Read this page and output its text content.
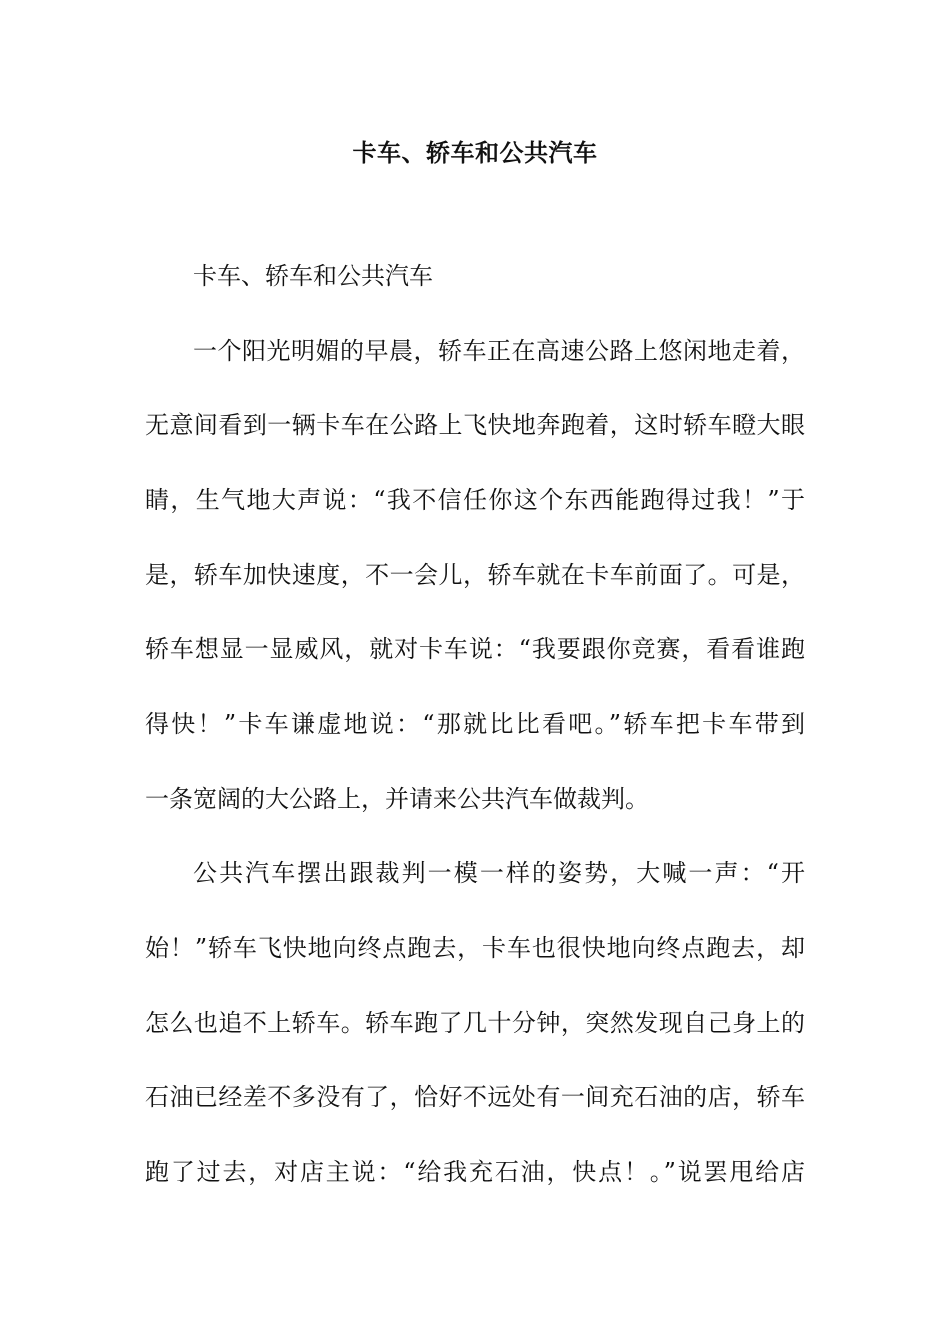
卡车、轿车和公共汽车
卡车、轿车和公共汽车
一个阳光明媚的早晨，轿车正在高速公路上悠闲地走着，
无意间看到一辆卡车在公路上飞快地奔跑着，这时轿车瞪大眼
睛，生气地大声说：“我不信任你这个东西能跑得过我！”于
是，轿车加快速度，不一会儿，轿车就在卡车前面了。可是，
轿车想显一显威风，就对卡车说：“我要跟你竞赛，看看谁跑
得快！”卡车谦虚地说：“那就比比看吧。”轿车把卡车带到
一条宽阔的大公路上，并请来公共汽车做裁判。
公共汽车摆出跟裁判一模一样的姿势，大喊一声：“开
始！”轿车飞快地向终点跑去，卡车也很快地向终点跑去，却
怎么也追不上轿车。轿车跑了几十分钟，突然发现自己身上的
石油已经差不多没有了，恰好不远处有一间充石油的店，轿车
跑了过去，对店主说：“给我充石油，快点！。”说罢甩给店
